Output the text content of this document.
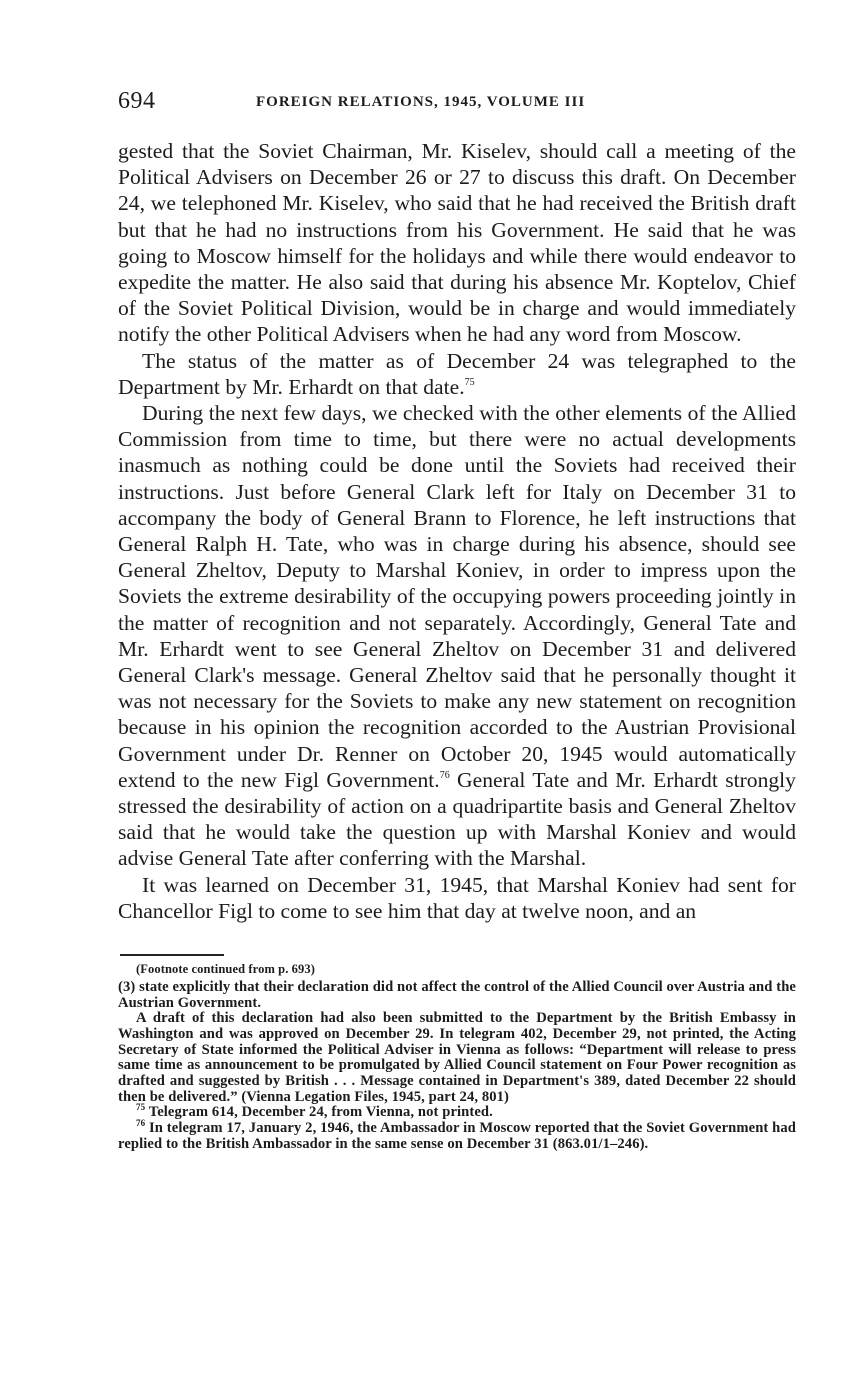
694	FOREIGN RELATIONS, 1945, VOLUME III

gested that the Soviet Chairman, Mr. Kiselev, should call a meeting of the Political Advisers on December 26 or 27 to discuss this draft. On December 24, we telephoned Mr. Kiselev, who said that he had received the British draft but that he had no instructions from his Government. He said that he was going to Moscow himself for the holidays and while there would endeavor to expedite the matter. He also said that during his absence Mr. Koptelov, Chief of the Soviet Political Division, would be in charge and would immediately notify the other Political Advisers when he had any word from Moscow.

The status of the matter as of December 24 was telegraphed to the Department by Mr. Erhardt on that date.$^{75}$

During the next few days, we checked with the other elements of the Allied Commission from time to time, but there were no actual developments inasmuch as nothing could be done until the Soviets had received their instructions. Just before General Clark left for Italy on December 31 to accompany the body of General Brann to Florence, he left instructions that General Ralph H. Tate, who was in charge during his absence, should see General Zheltov, Deputy to Marshal Koniev, in order to impress upon the Soviets the extreme desirability of the occupying powers proceeding jointly in the matter of recognition and not separately. Accordingly, General Tate and Mr. Erhardt went to see General Zheltov on December 31 and delivered General Clark's message. General Zheltov said that he personally thought it was not necessary for the Soviets to make any new statement on recognition because in his opinion the recognition accorded to the Austrian Provisional Government under Dr. Renner on October 20, 1945 would automatically extend to the new Figl Government.$^{76}$ General Tate and Mr. Erhardt strongly stressed the desirability of action on a quadripartite basis and General Zheltov said that he would take the question up with Marshal Koniev and would advise General Tate after conferring with the Marshal.

It was learned on December 31, 1945, that Marshal Koniev had sent for Chancellor Figl to come to see him that day at twelve noon, and an

(Footnote continued from p. 693)

(3) state explicitly that their declaration did not affect the control of the Allied Council over Austria and the Austrian Government.

A draft of this declaration had also been submitted to the Department by the British Embassy in Washington and was approved on December 29. In telegram 402, December 29, not printed, the Acting Secretary of State informed the Political Adviser in Vienna as follows: “Department will release to press same time as announcement to be promulgated by Allied Council statement on Four Power recognition as drafted and suggested by British . . . Message contained in Department's 389, dated December 22 should then be delivered.” (Vienna Legation Files, 1945, part 24, 801)

$^{75}$ Telegram 614, December 24, from Vienna, not printed.

$^{76}$ In telegram 17, January 2, 1946, the Ambassador in Moscow reported that the Soviet Government had replied to the British Ambassador in the same sense on December 31 (863.01/1–246).
